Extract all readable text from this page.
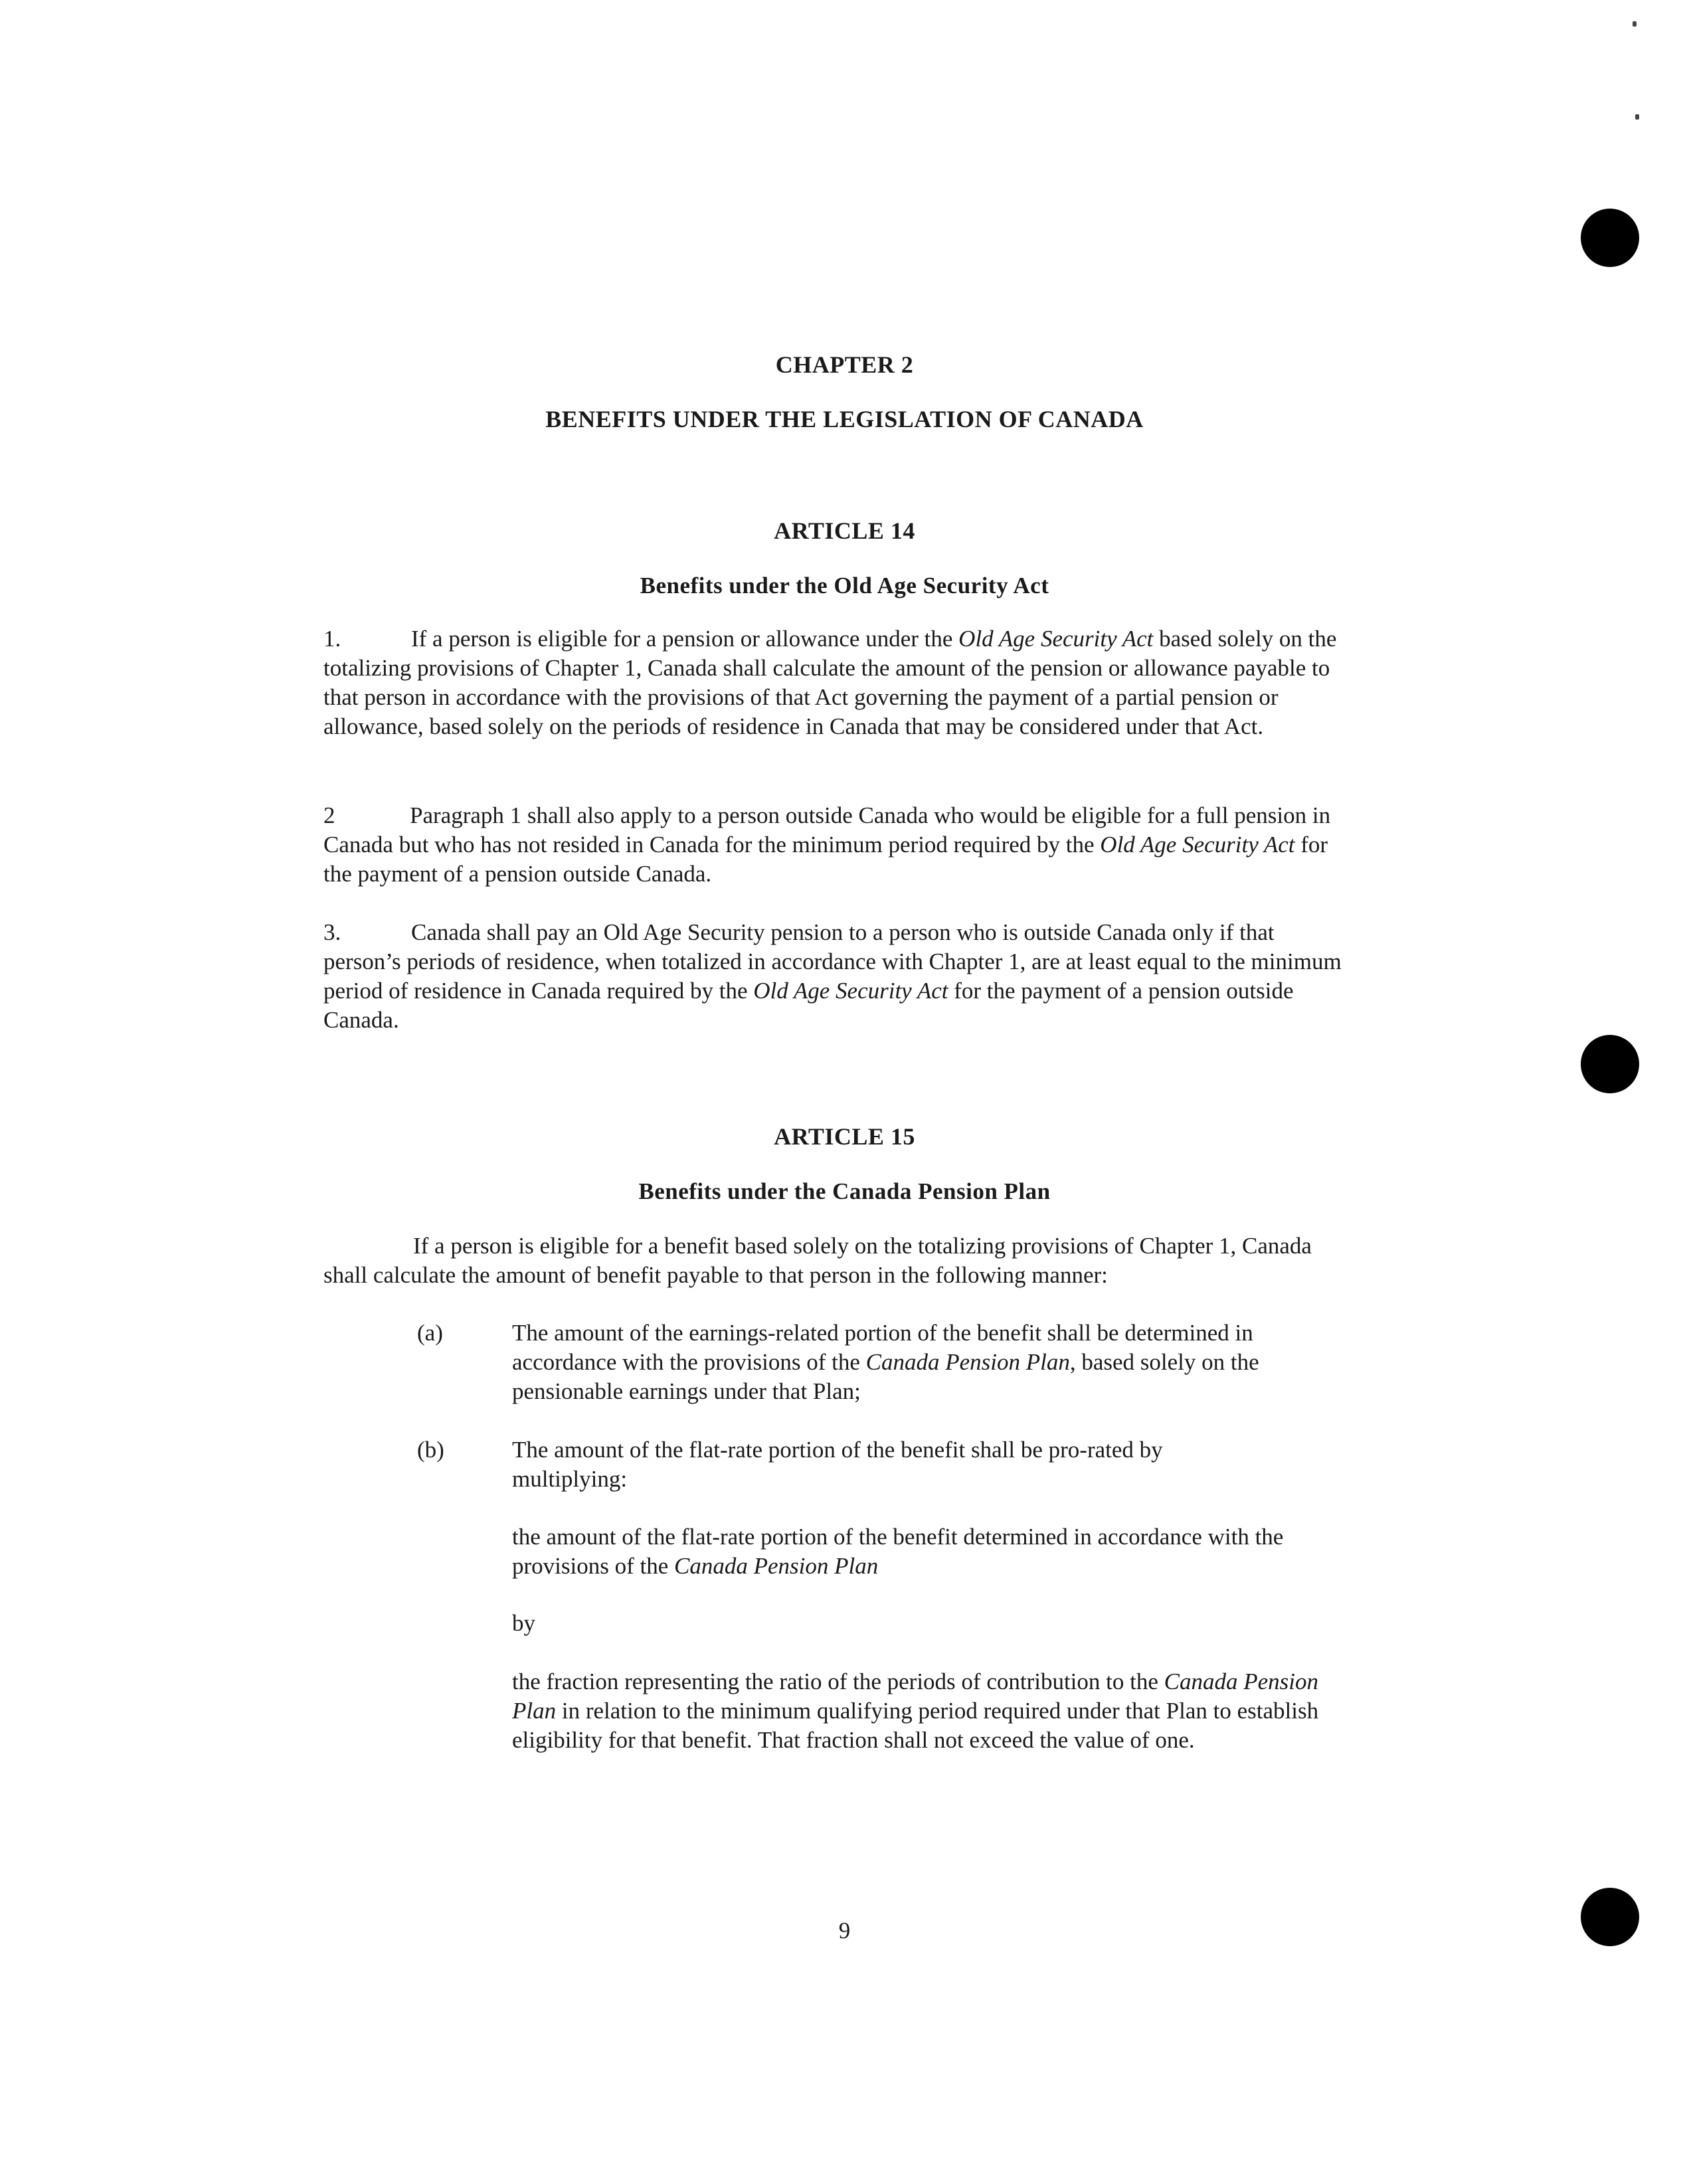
CHAPTER 2
BENEFITS UNDER THE LEGISLATION OF CANADA
ARTICLE 14
Benefits under the Old Age Security Act

1.	If a person is eligible for a pension or allowance under the Old Age Security Act based solely on the totalizing provisions of Chapter 1, Canada shall calculate the amount of the pension or allowance payable to that person in accordance with the provisions of that Act governing the payment of a partial pension or allowance, based solely on the periods of residence in Canada that may be considered under that Act.

2	Paragraph 1 shall also apply to a person outside Canada who would be eligible for a full pension in Canada but who has not resided in Canada for the minimum period required by the Old Age Security Act for the payment of a pension outside Canada.

3.	Canada shall pay an Old Age Security pension to a person who is outside Canada only if that person’s periods of residence, when totalized in accordance with Chapter 1, are at least equal to the minimum period of residence in Canada required by the Old Age Security Act for the payment of a pension outside Canada.

ARTICLE 15
Benefits under the Canada Pension Plan

If a person is eligible for a benefit based solely on the totalizing provisions of Chapter 1, Canada shall calculate the amount of benefit payable to that person in the following manner:

(a)	The amount of the earnings-related portion of the benefit shall be determined in accordance with the provisions of the Canada Pension Plan, based solely on the pensionable earnings under that Plan;

(b)	The amount of the flat-rate portion of the benefit shall be pro-rated by multiplying:

the amount of the flat-rate portion of the benefit determined in accordance with the provisions of the Canada Pension Plan

by

the fraction representing the ratio of the periods of contribution to the Canada Pension Plan in relation to the minimum qualifying period required under that Plan to establish eligibility for that benefit. That fraction shall not exceed the value of one.

9
